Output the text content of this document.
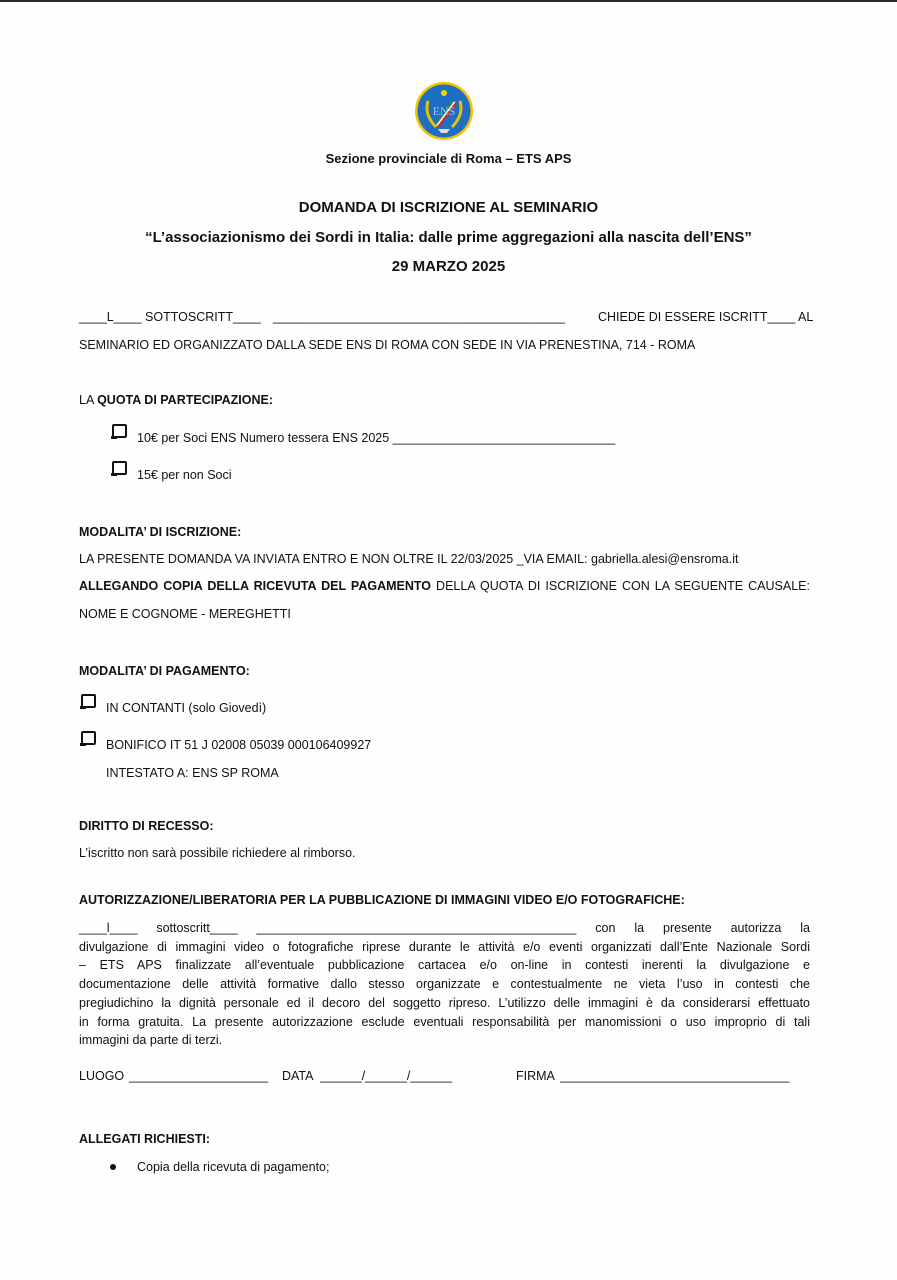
ENS
Sezione provinciale di Roma – ETS APS
DOMANDA DI ISCRIZIONE AL SEMINARIO
“L’associazionismo dei Sordi in Italia: dalle prime aggregazioni alla nascita dell’ENS”
29 MARZO 2025
____L____ SOTTOSCRITT____ __________________________________________	CHIEDE DI ESSERE ISCRITT____ AL
SEMINARIO ED ORGANIZZATO DALLA SEDE ENS DI ROMA CON SEDE IN VIA PRENESTINA, 714 - ROMA
LA QUOTA DI PARTECIPAZIONE:
10€ per Soci ENS Numero tessera ENS 2025 ________________________________
15€ per non Soci
MODALITA’ DI ISCRIZIONE:
LA PRESENTE DOMANDA VA INVIATA ENTRO E NON OLTRE IL 22/03/2025 _VIA EMAIL: gabriella.alesi@ensroma.it
ALLEGANDO COPIA DELLA RICEVUTA DEL PAGAMENTO DELLA QUOTA DI ISCRIZIONE CON LA SEGUENTE CAUSALE:
NOME E COGNOME - MEREGHETTI
MODALITA’ DI PAGAMENTO:
IN CONTANTI (solo Giovedì)
BONIFICO IT 51 J 02008 05039 000106409927
INTESTATO A: ENS SP ROMA
DIRITTO DI RECESSO:
L’iscritto non sarà possibile richiedere al rimborso.
AUTORIZZAZIONE/LIBERATORIA PER LA PUBBLICAZIONE DI IMMAGINI VIDEO E/O FOTOGRAFICHE:
____l____ sottoscritt____ ______________________________________________ con la presente autorizza la
divulgazione di immagini video o fotografiche riprese durante le attività e/o eventi organizzati dall’Ente Nazionale Sordi
– ETS APS finalizzate all’eventuale pubblicazione cartacea e/o on-line in contesti inerenti la divulgazione e
documentazione delle attività formative dallo stesso organizzate e contestualmente ne vieta l’uso in contesti che
pregiudichino la dignità personale ed il decoro del soggetto ripreso. L’utilizzo delle immagini è da considerarsi effettuato
in forma gratuita. La presente autorizzazione esclude eventuali responsabilità per manomissioni o uso improprio di tali
immagini da parte di terzi.
LUOGO ____________________ DATA ______/______/______	FIRMA _________________________________
ALLEGATI RICHIESTI:
Copia della ricevuta di pagamento;
